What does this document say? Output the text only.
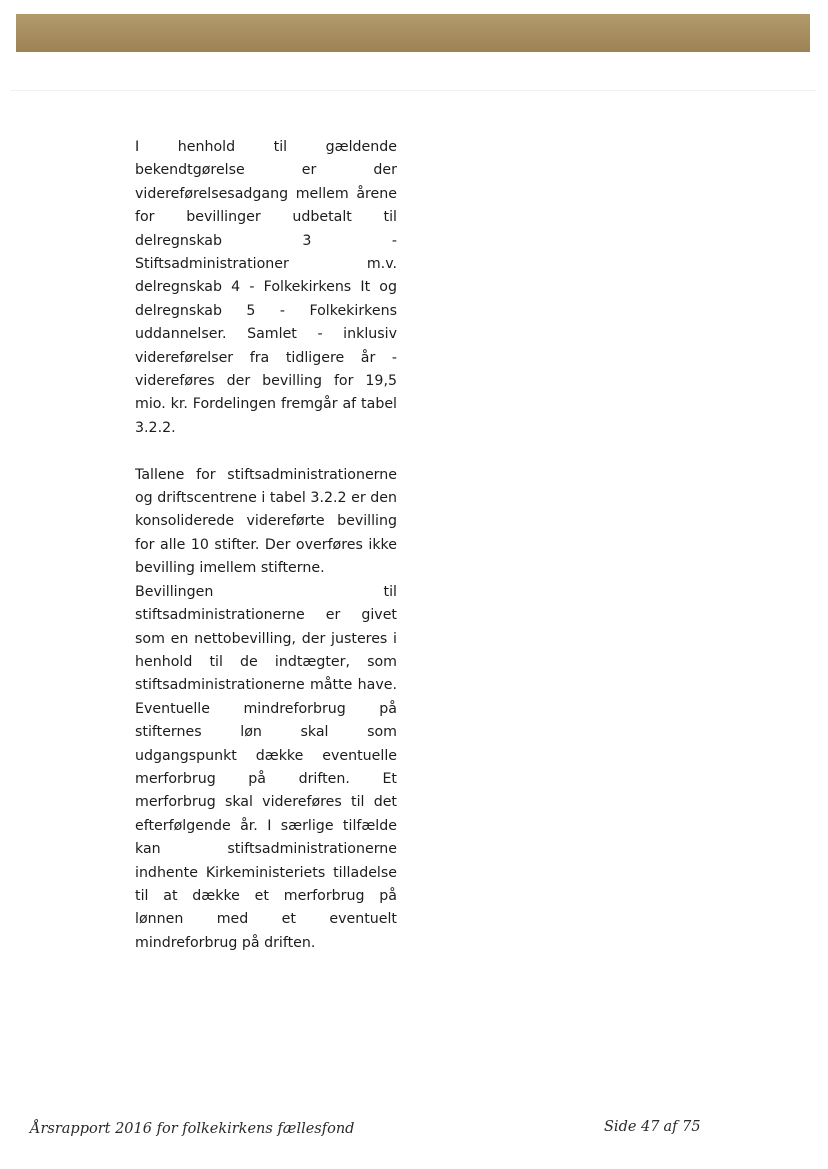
I henhold til gældende bekendtgørelse er der videreførelsesadgang mellem årene for bevillinger udbetalt til delregnskab 3 - Stiftsadministrationer m.v. delregnskab 4 - Folkekirkens It og delregnskab 5 - Folkekirkens uddannelser. Samlet - inklusiv videreførelser fra tidligere år - videreføres der bevilling for 19,5 mio. kr. Fordelingen fremgår af tabel 3.2.2.

Tallene for stiftsadministrationerne og driftscentrene i tabel 3.2.2 er den konsoliderede videreførte bevilling for alle 10 stifter. Der overføres ikke bevilling imellem stifterne.

Bevillingen til stiftsadministrationerne er givet som en nettobevilling, der justeres i henhold til de indtægter, som stiftsadministrationerne måtte have. Eventuelle mindreforbrug på stifternes løn skal som udgangspunkt dække eventuelle merforbrug på driften. Et merforbrug skal videreføres til det efterfølgende år. I særlige tilfælde kan stiftsadministrationerne indhente Kirkeministeriets tilladelse til at dække et merforbrug på lønnen med et eventuelt mindreforbrug på driften.

Årsrapport 2016 for folkekirkens fællesfond	Side 47 af 75
